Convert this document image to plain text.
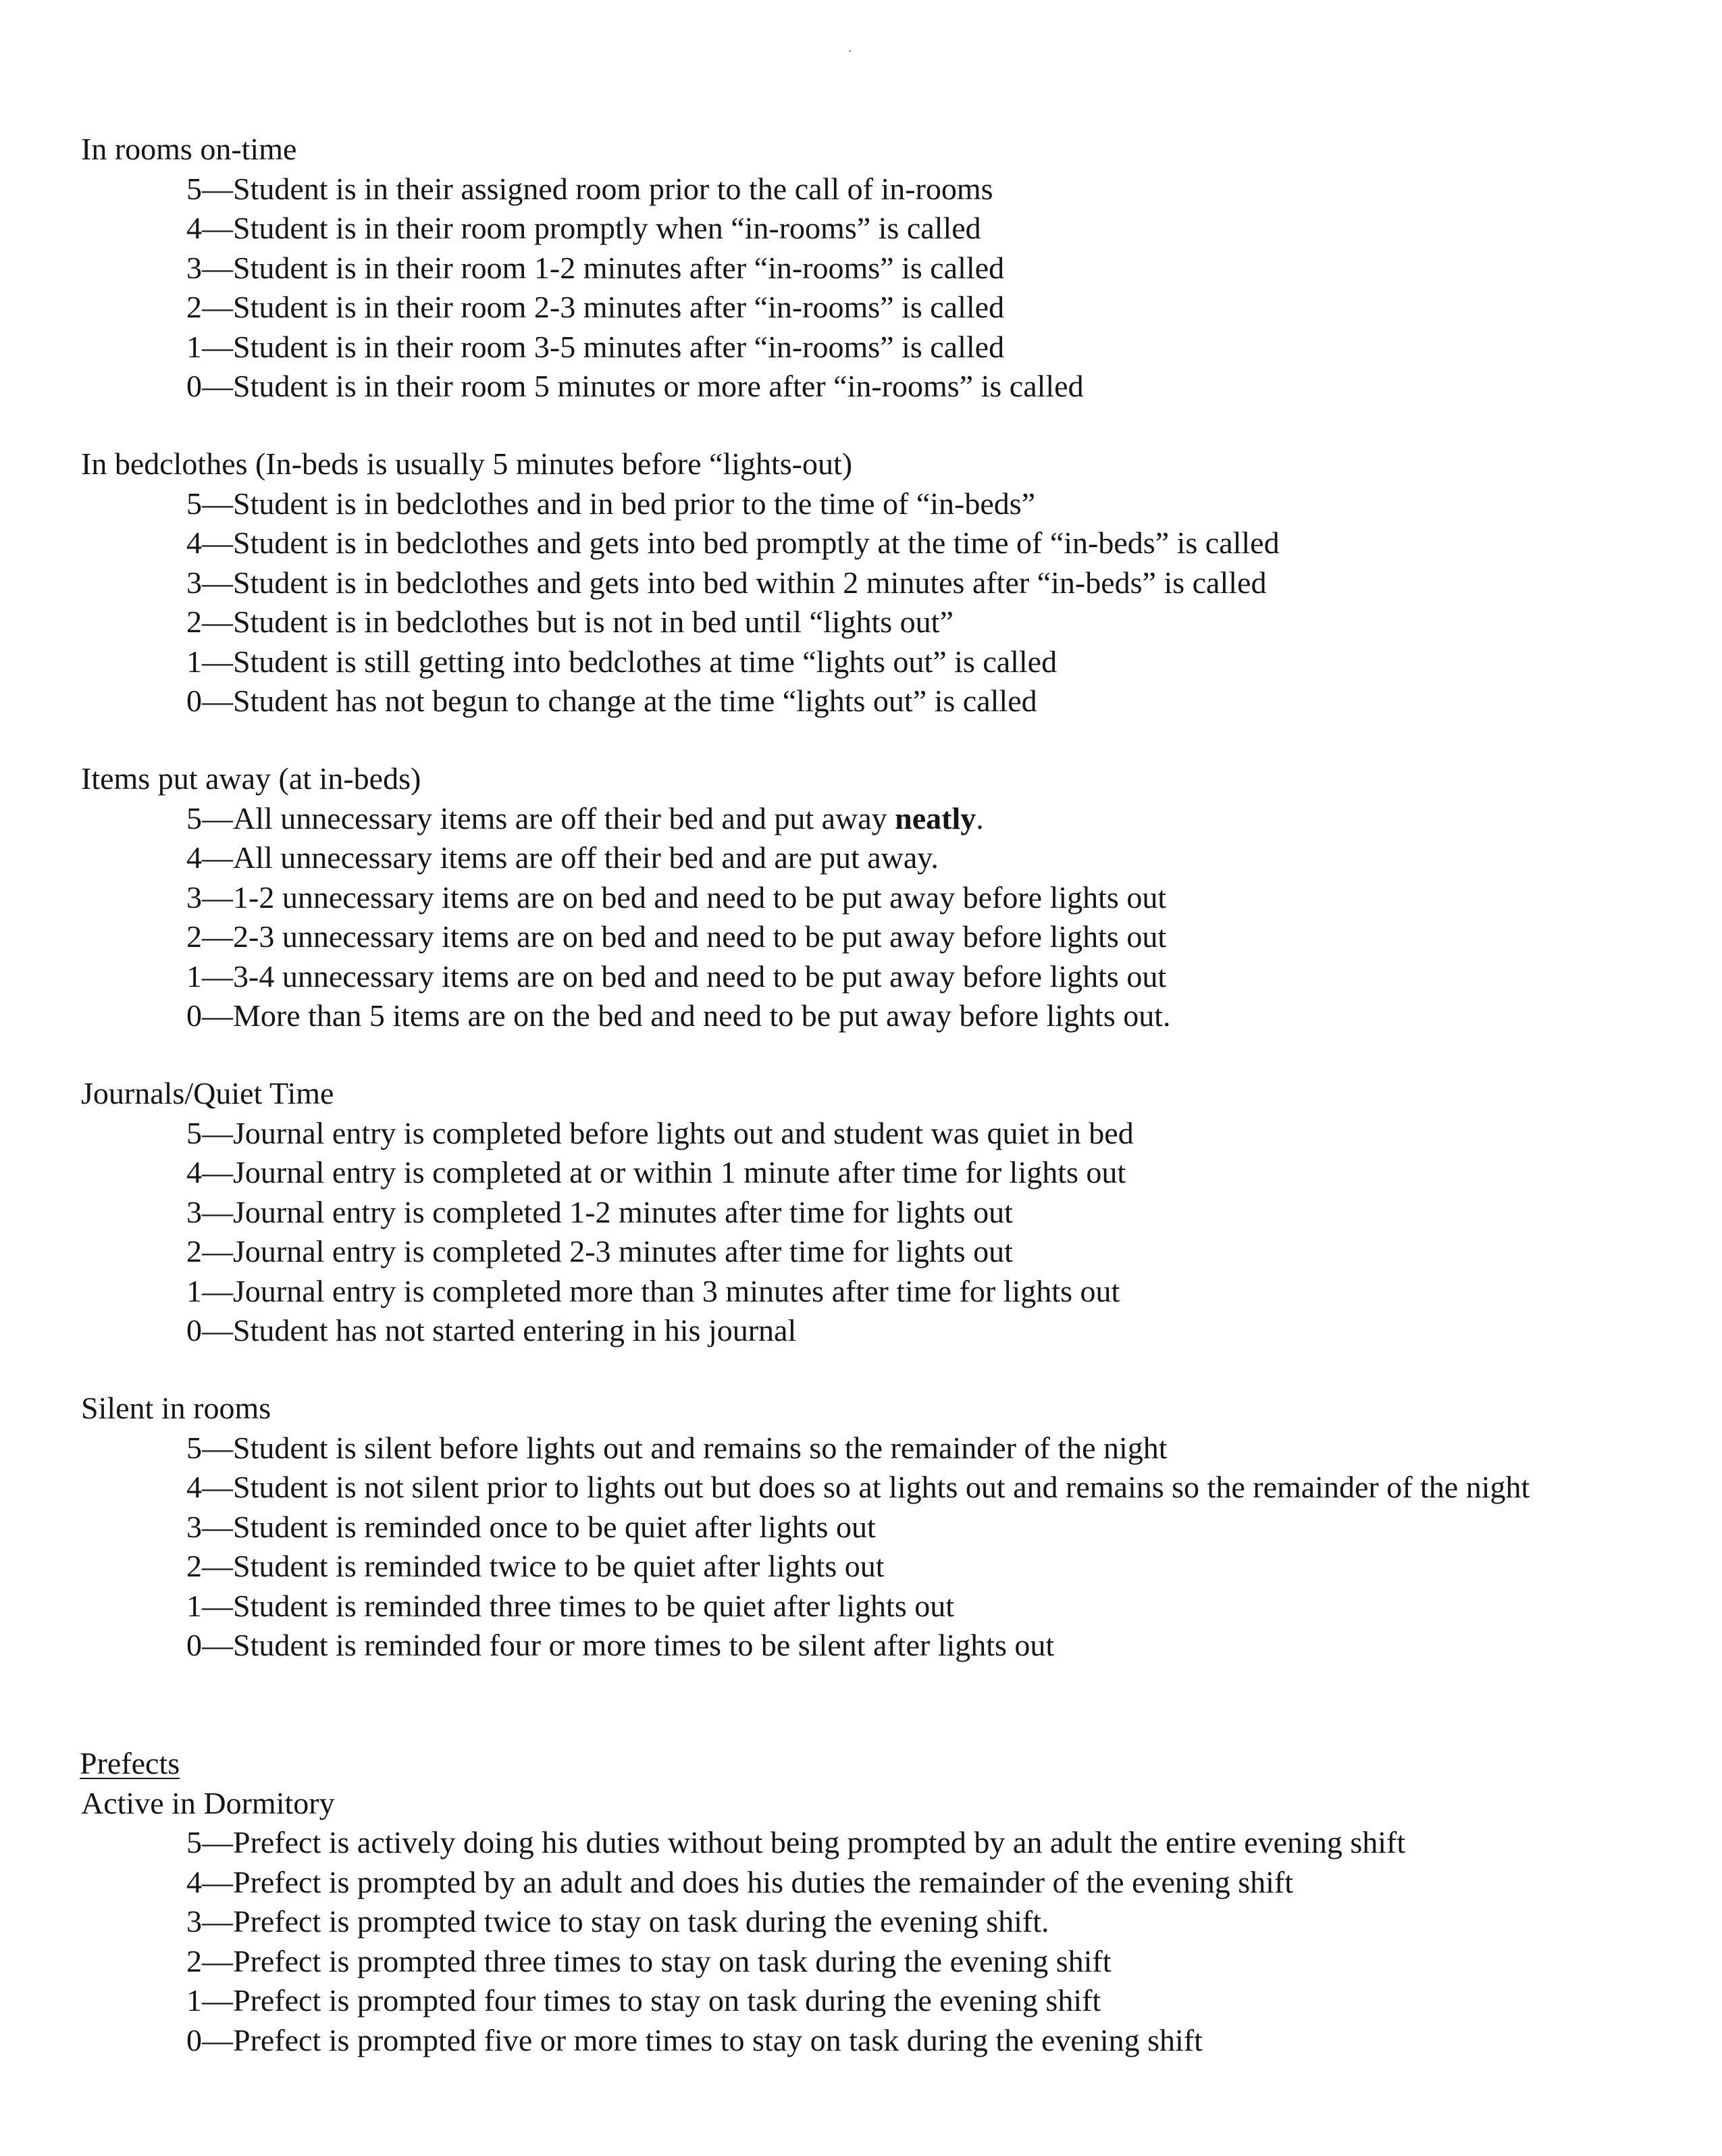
In rooms on-time
5—Student is in their assigned room prior to the call of in-rooms
4—Student is in their room promptly when “in-rooms” is called
3—Student is in their room 1-2 minutes after “in-rooms” is called
2—Student is in their room 2-3 minutes after “in-rooms” is called
1—Student is in their room 3-5 minutes after “in-rooms” is called
0—Student is in their room 5 minutes or more after “in-rooms” is called
In bedclothes (In-beds is usually 5 minutes before “lights-out)
5—Student is in bedclothes and in bed prior to the time of “in-beds”
4—Student is in bedclothes and gets into bed promptly at the time of “in-beds” is called
3—Student is in bedclothes and gets into bed within 2 minutes after “in-beds” is called
2—Student is in bedclothes but is not in bed until “lights out”
1—Student is still getting into bedclothes at time “lights out” is called
0—Student has not begun to change at the time “lights out” is called
Items put away (at in-beds)
5—All unnecessary items are off their bed and put away neatly.
4—All unnecessary items are off their bed and are put away.
3—1-2 unnecessary items are on bed and need to be put away before lights out
2—2-3 unnecessary items are on bed and need to be put away before lights out
1—3-4 unnecessary items are on bed and need to be put away before lights out
0—More than 5 items are on the bed and need to be put away before lights out.
Journals/Quiet Time
5—Journal entry is completed before lights out and student was quiet in bed
4—Journal entry is completed at or within 1 minute after time for lights out
3—Journal entry is completed 1-2 minutes after time for lights out
2—Journal entry is completed 2-3 minutes after time for lights out
1—Journal entry is completed more than 3 minutes after time for lights out
0—Student has not started entering in his journal
Silent in rooms
5—Student is silent before lights out and remains so the remainder of the night
4—Student is not silent prior to lights out but does so at lights out and remains so the remainder of the night
3—Student is reminded once to be quiet after lights out
2—Student is reminded twice to be quiet after lights out
1—Student is reminded three times to be quiet after lights out
0—Student is reminded four or more times to be silent after lights out
Prefects
Active in Dormitory
5—Prefect is actively doing his duties without being prompted by an adult the entire evening shift
4—Prefect is prompted by an adult and does his duties the remainder of the evening shift
3—Prefect is prompted twice to stay on task during the evening shift.
2—Prefect is prompted three times to stay on task during the evening shift
1—Prefect is prompted four times to stay on task during the evening shift
0—Prefect is prompted five or more times to stay on task during the evening shift
